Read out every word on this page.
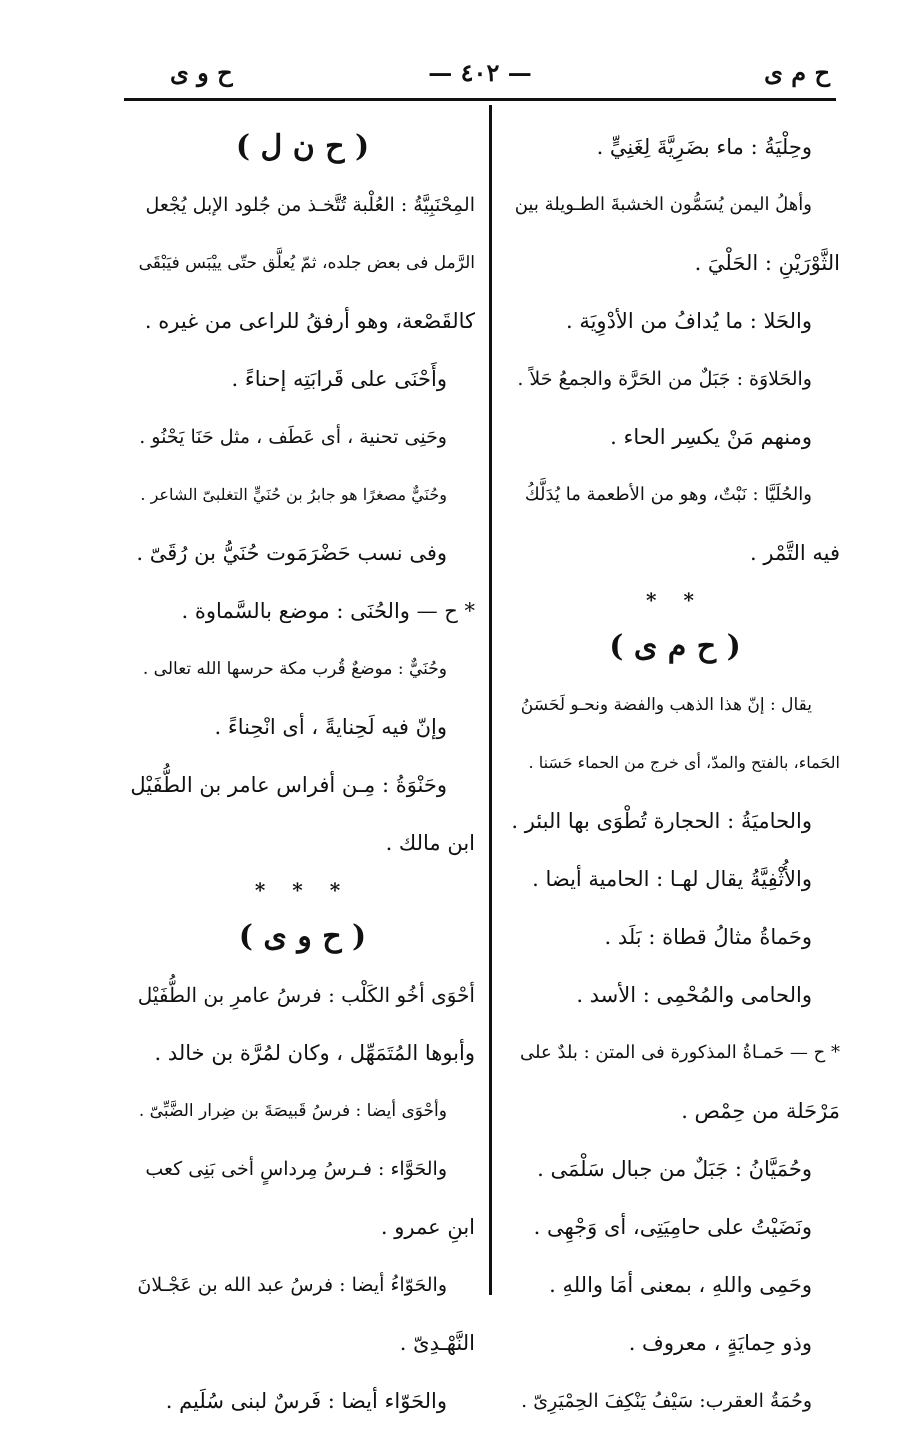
ح م ى
— ٤٠٢ —
ح و ى
وحِلْيَةُ : ماء بضَرِيَّةَ لِغَنِيٍّ .
وأهلُ اليمن يُسَمُّون الخشبةَ الطـويلة بين
الثَّوْرَيْنِ : الحَلْيَ .
والحَلا : ما يُدافُ من الأدْوِيَة .
والحَلاوَة : جَبَلٌ من الحَرَّة والجمعُ حَلاً .
ومنهم مَنْ يكسِر الحاء .
والحُلَيَّا : نَبْتٌ، وهو من الأطعمة ما يُدَلَّكُ
فيه التَّمْر .
* *
( ح م ى )
يقال : إنّ هذا الذهب والفضة ونحـو لَحَسَنُ
الحَماء، بالفتح والمدّ، أى خرج من الحماء حَسَنا .
والحاميَةُ : الحجارة تُطْوَى بها البئر .
والأُثْفِيَّةُ يقال لهـا : الحامية أيضا .
وحَماةُ مثالُ قطاة : بَلَد .
والحامى والمُحْمِى : الأسد .
* ح — حَمـاةُ المذكورة فى المتن : بلدٌ على
مَرْحَلة من حِمْص .
وحُمَيَّانُ : جَبَلٌ من جبال سَلْمَى .
ونَضَيْتُ على حامِيَتِى، أى وَجْهِى .
وحَمِى واللهِ ، بمعنى أمَا واللهِ .
وذو حِمايَةٍ ، معروف .
وحُمَةُ العقرب: سَيْفُ يَنْكِفَ الحِمْيَرِىّ .
( ح ن ل )
المِحْنَبِيَّةُ : العُلْبة تُتَّخـذ من جُلود الإبل يُجْعل
الرَّمل فى بعض جلده، ثمّ يُعلَّق حتّى ييْبَس فيَبْقَى
كالقَصْعة، وهو أرفقُ للراعى من غيره .
وأَحْنَى على قَرابَتِه إحناءً .
وحَنِى تحنية ، أى عَطَف ، مثل حَنَا يَحْنُو .
وحُنَيٌّ مصغرًا هو جابرُ بن حُنَيٍّ التغلبىّ الشاعر .
وفى نسب حَضْرَمَوت حُنَيُّ بن رُقَىّ .
* ح — والحُنَى : موضع بالسَّماوة .
وحُنَيٌّ : موضعٌ قُرب مكة حرسها الله تعالى .
وإنّ فيه لَحِنايةً ، أى انْحِناءً .
وحَنْوَةُ : مِـن أفراس عامر بن الطُّفَيْل
ابن مالك .
* * *
( ح و ى )
أحْوَى أخُو الكَلْب : فرسُ عامرِ بن الطُّفَيْل
وأبوها المُتَمَهِّل ، وكان لمُرَّة بن خالد .
وأحْوَى أيضا : فرسُ قَبيصَةَ بن ضِرار الضَّبِّىّ .
والحَوَّاء : فـرسُ مِرداسٍ أخى بَنِى كعب
ابنِ عمرو .
والحَوّاءُ أيضا : فرسُ عبد الله بن عَجْـلانَ
النَّهْـدِىّ .
والحَوّاء أيضا : فَرسٌ لبنى سُلَيم .
